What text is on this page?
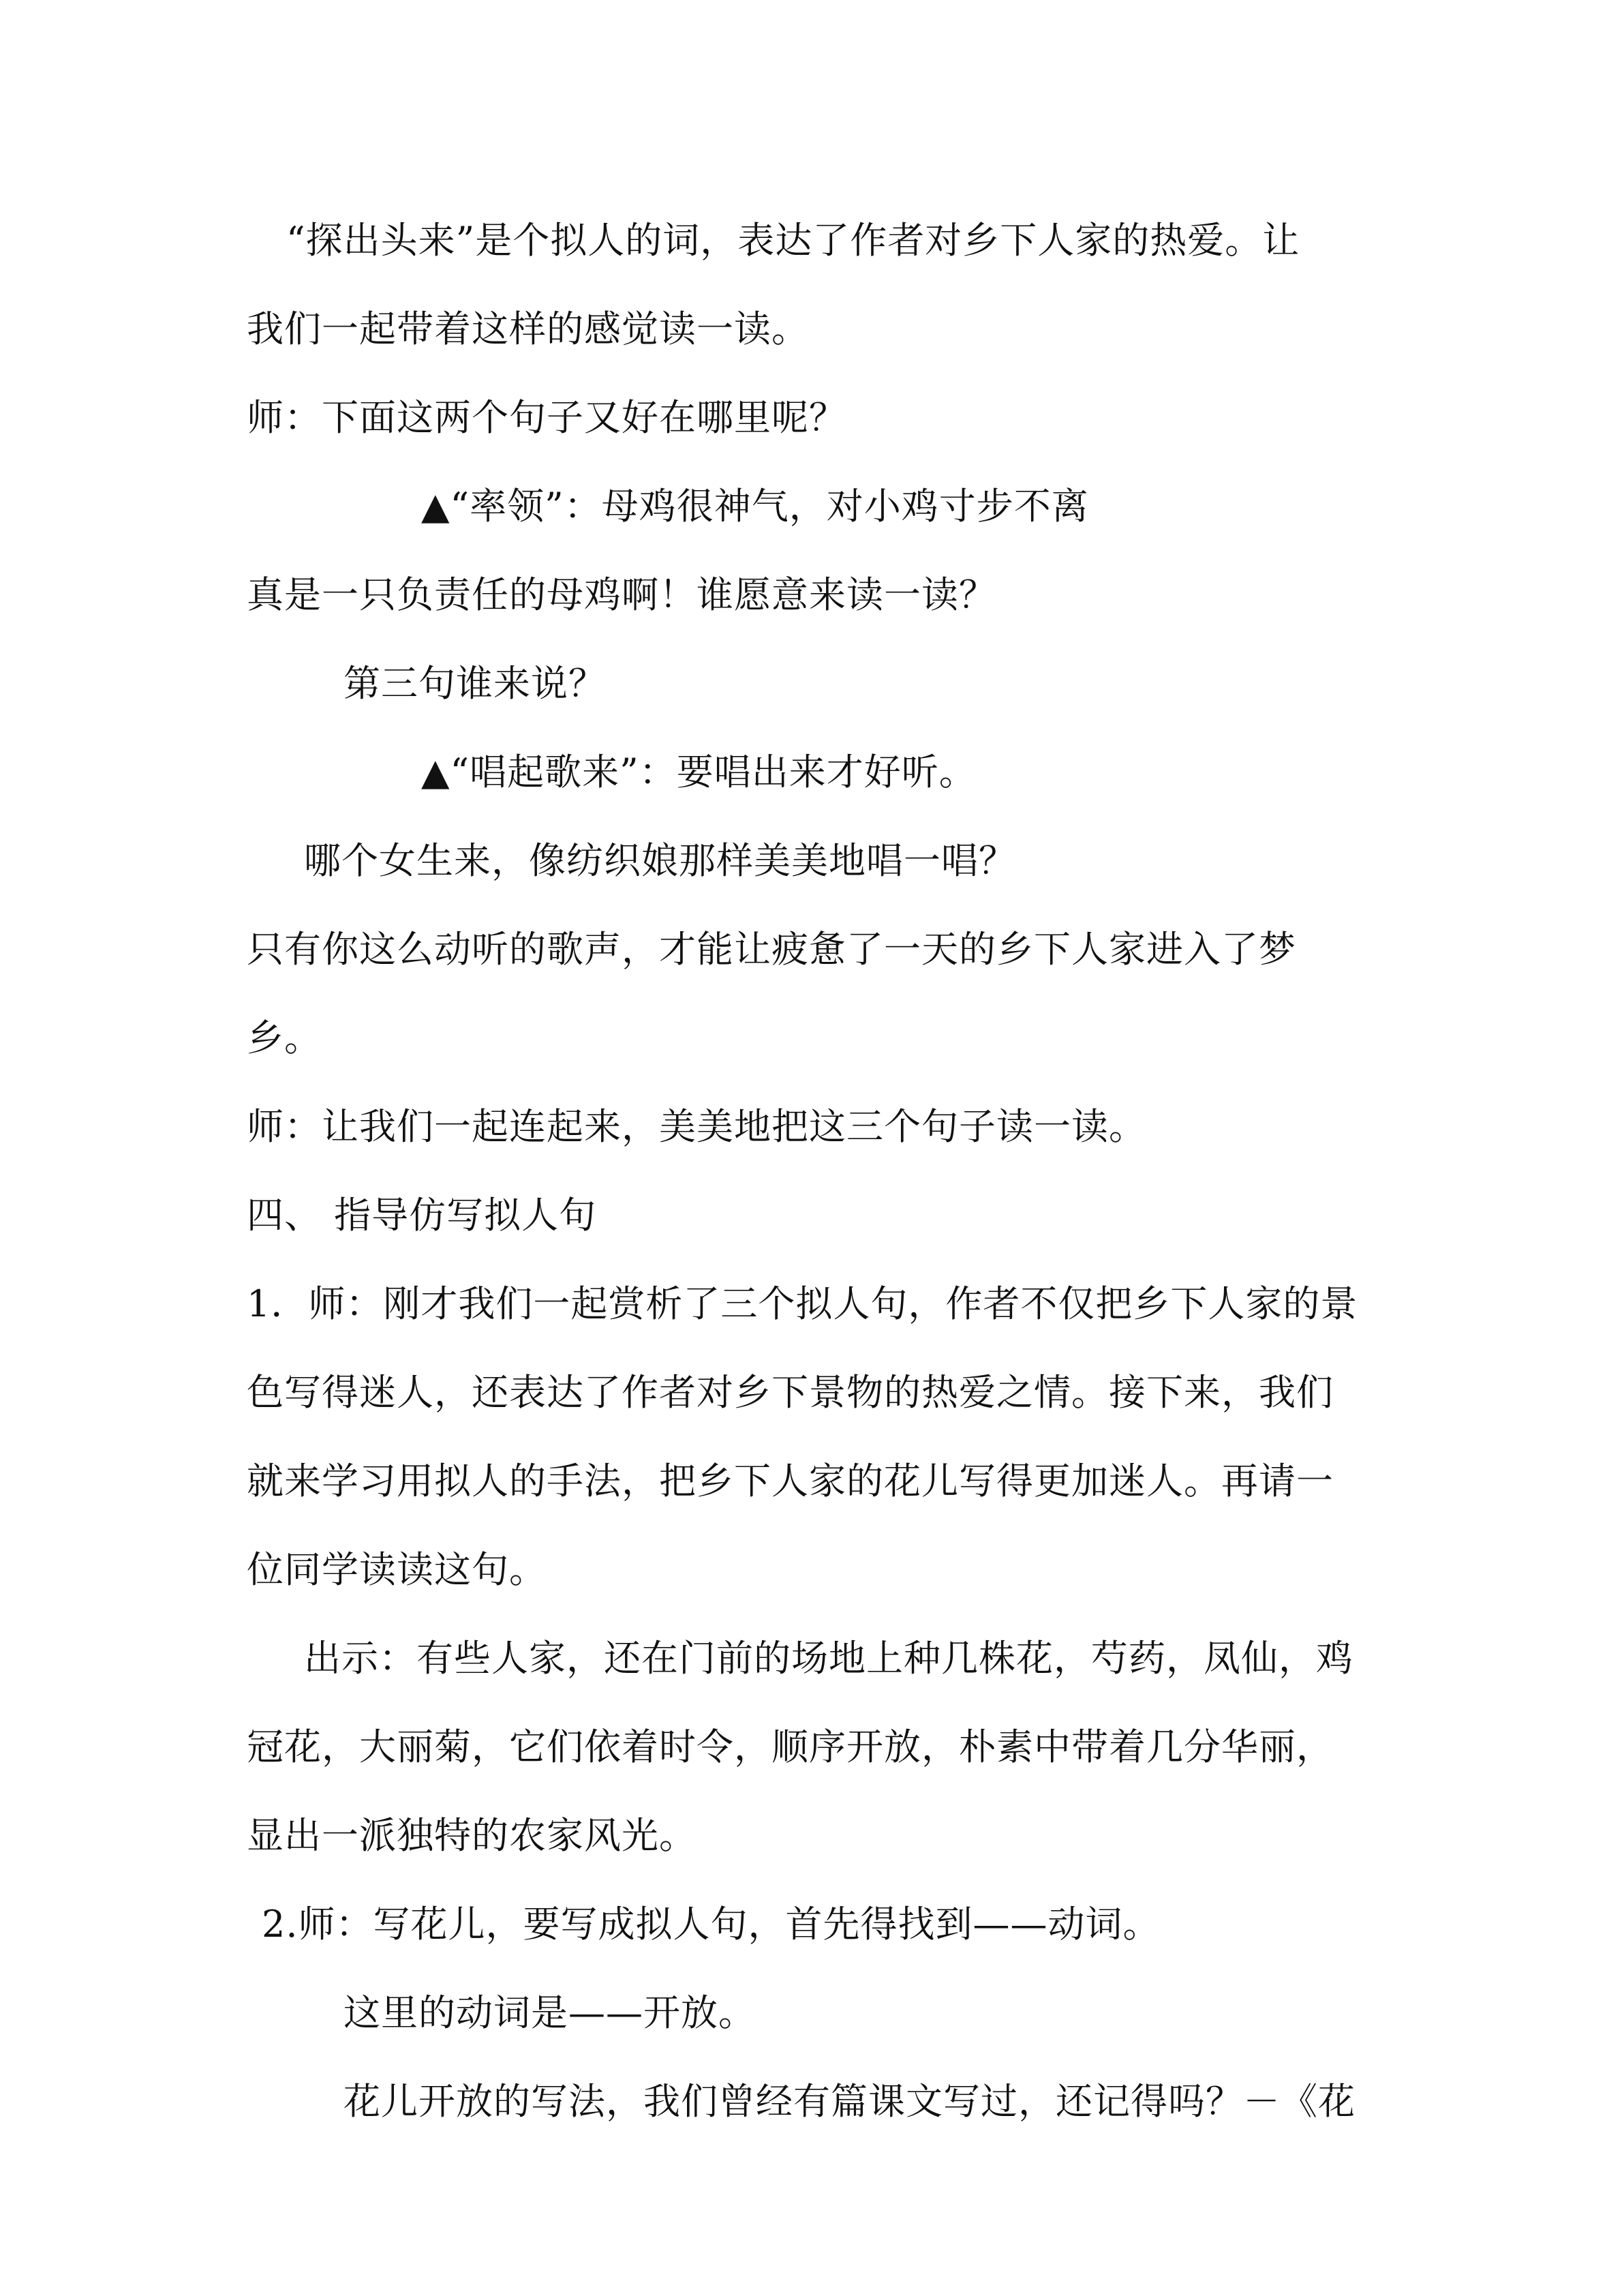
“探出头来”是个拟人的词，表达了作者对乡下人家的热爱。让
我们一起带着这样的感觉读一读。
师：下面这两个句子又好在哪里呢？
▲“率领”：母鸡很神气，对小鸡寸步不离
真是一只负责任的母鸡啊！谁愿意来读一读？
第三句谁来说？
▲“唱起歌来”：要唱出来才好听。
哪个女生来，像纺织娘那样美美地唱一唱？
只有你这么动听的歌声，才能让疲惫了一天的乡下人家进入了梦
乡。
师：让我们一起连起来，美美地把这三个句子读一读。
四、 指导仿写拟人句
1．师：刚才我们一起赏析了三个拟人句，作者不仅把乡下人家的景
色写得迷人，还表达了作者对乡下景物的热爱之情。接下来，我们
就来学习用拟人的手法，把乡下人家的花儿写得更加迷人。再请一
位同学读读这句。
出示：有些人家，还在门前的场地上种几株花，芍药，凤仙，鸡
冠花，大丽菊，它们依着时令，顺序开放，朴素中带着几分华丽，
显出一派独特的农家风光。
2.师：写花儿，要写成拟人句，首先得找到——动词。
这里的动词是——开放。
花儿开放的写法，我们曾经有篇课文写过，还记得吗？－《花
